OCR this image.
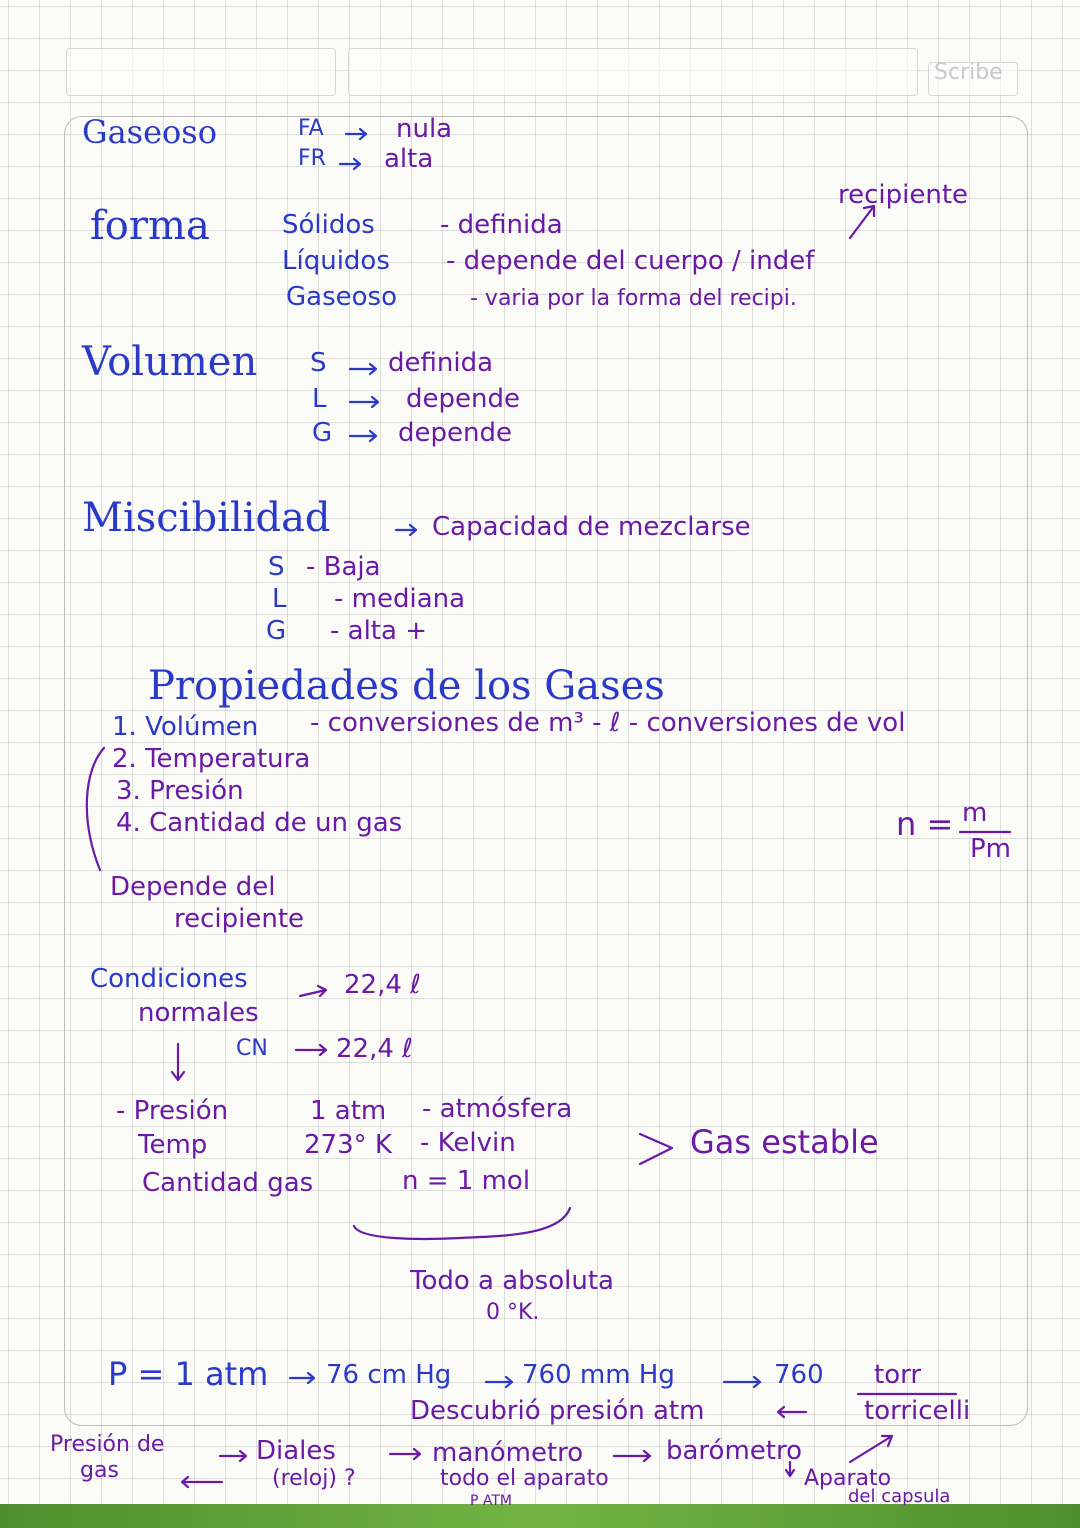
Scribe
Gaseoso	FA	nula
FR alta
recipiente
forma	Sólidos	- definida
Líquidos - depende del cuerpo / indef
Gaseoso	- varia por la forma del recipi.
Volumen S definida
L	depende
G	depende
Miscibilidad	Capacidad de mezclarse
S - Baja
L - mediana
G - alta +
Propiedades de los Gases
1. Volúmen - conversiones de m³ - ℓ - conversiones de vol
2. Temperatura
3. Presión
4. Cantidad de un gas	n = m
Pm
Depende del
recipiente
Condiciones
normales
22,4 ℓ
CN	22,4 ℓ
- Presión	1 atm - atmósfera
Temp	273° K - Kelvin
Cantidad gas	n = 1 mol
Gas estable
Todo a absoluta
0 °K.
P = 1 atm 76 cm Hg	760 mm Hg	760 torr
Descubrió presión atm	torricelli
Presión de
gas
Diales
(reloj) ?
manómetro	barómetro
todo el aparato
P ATM
Aparato
del capsula
